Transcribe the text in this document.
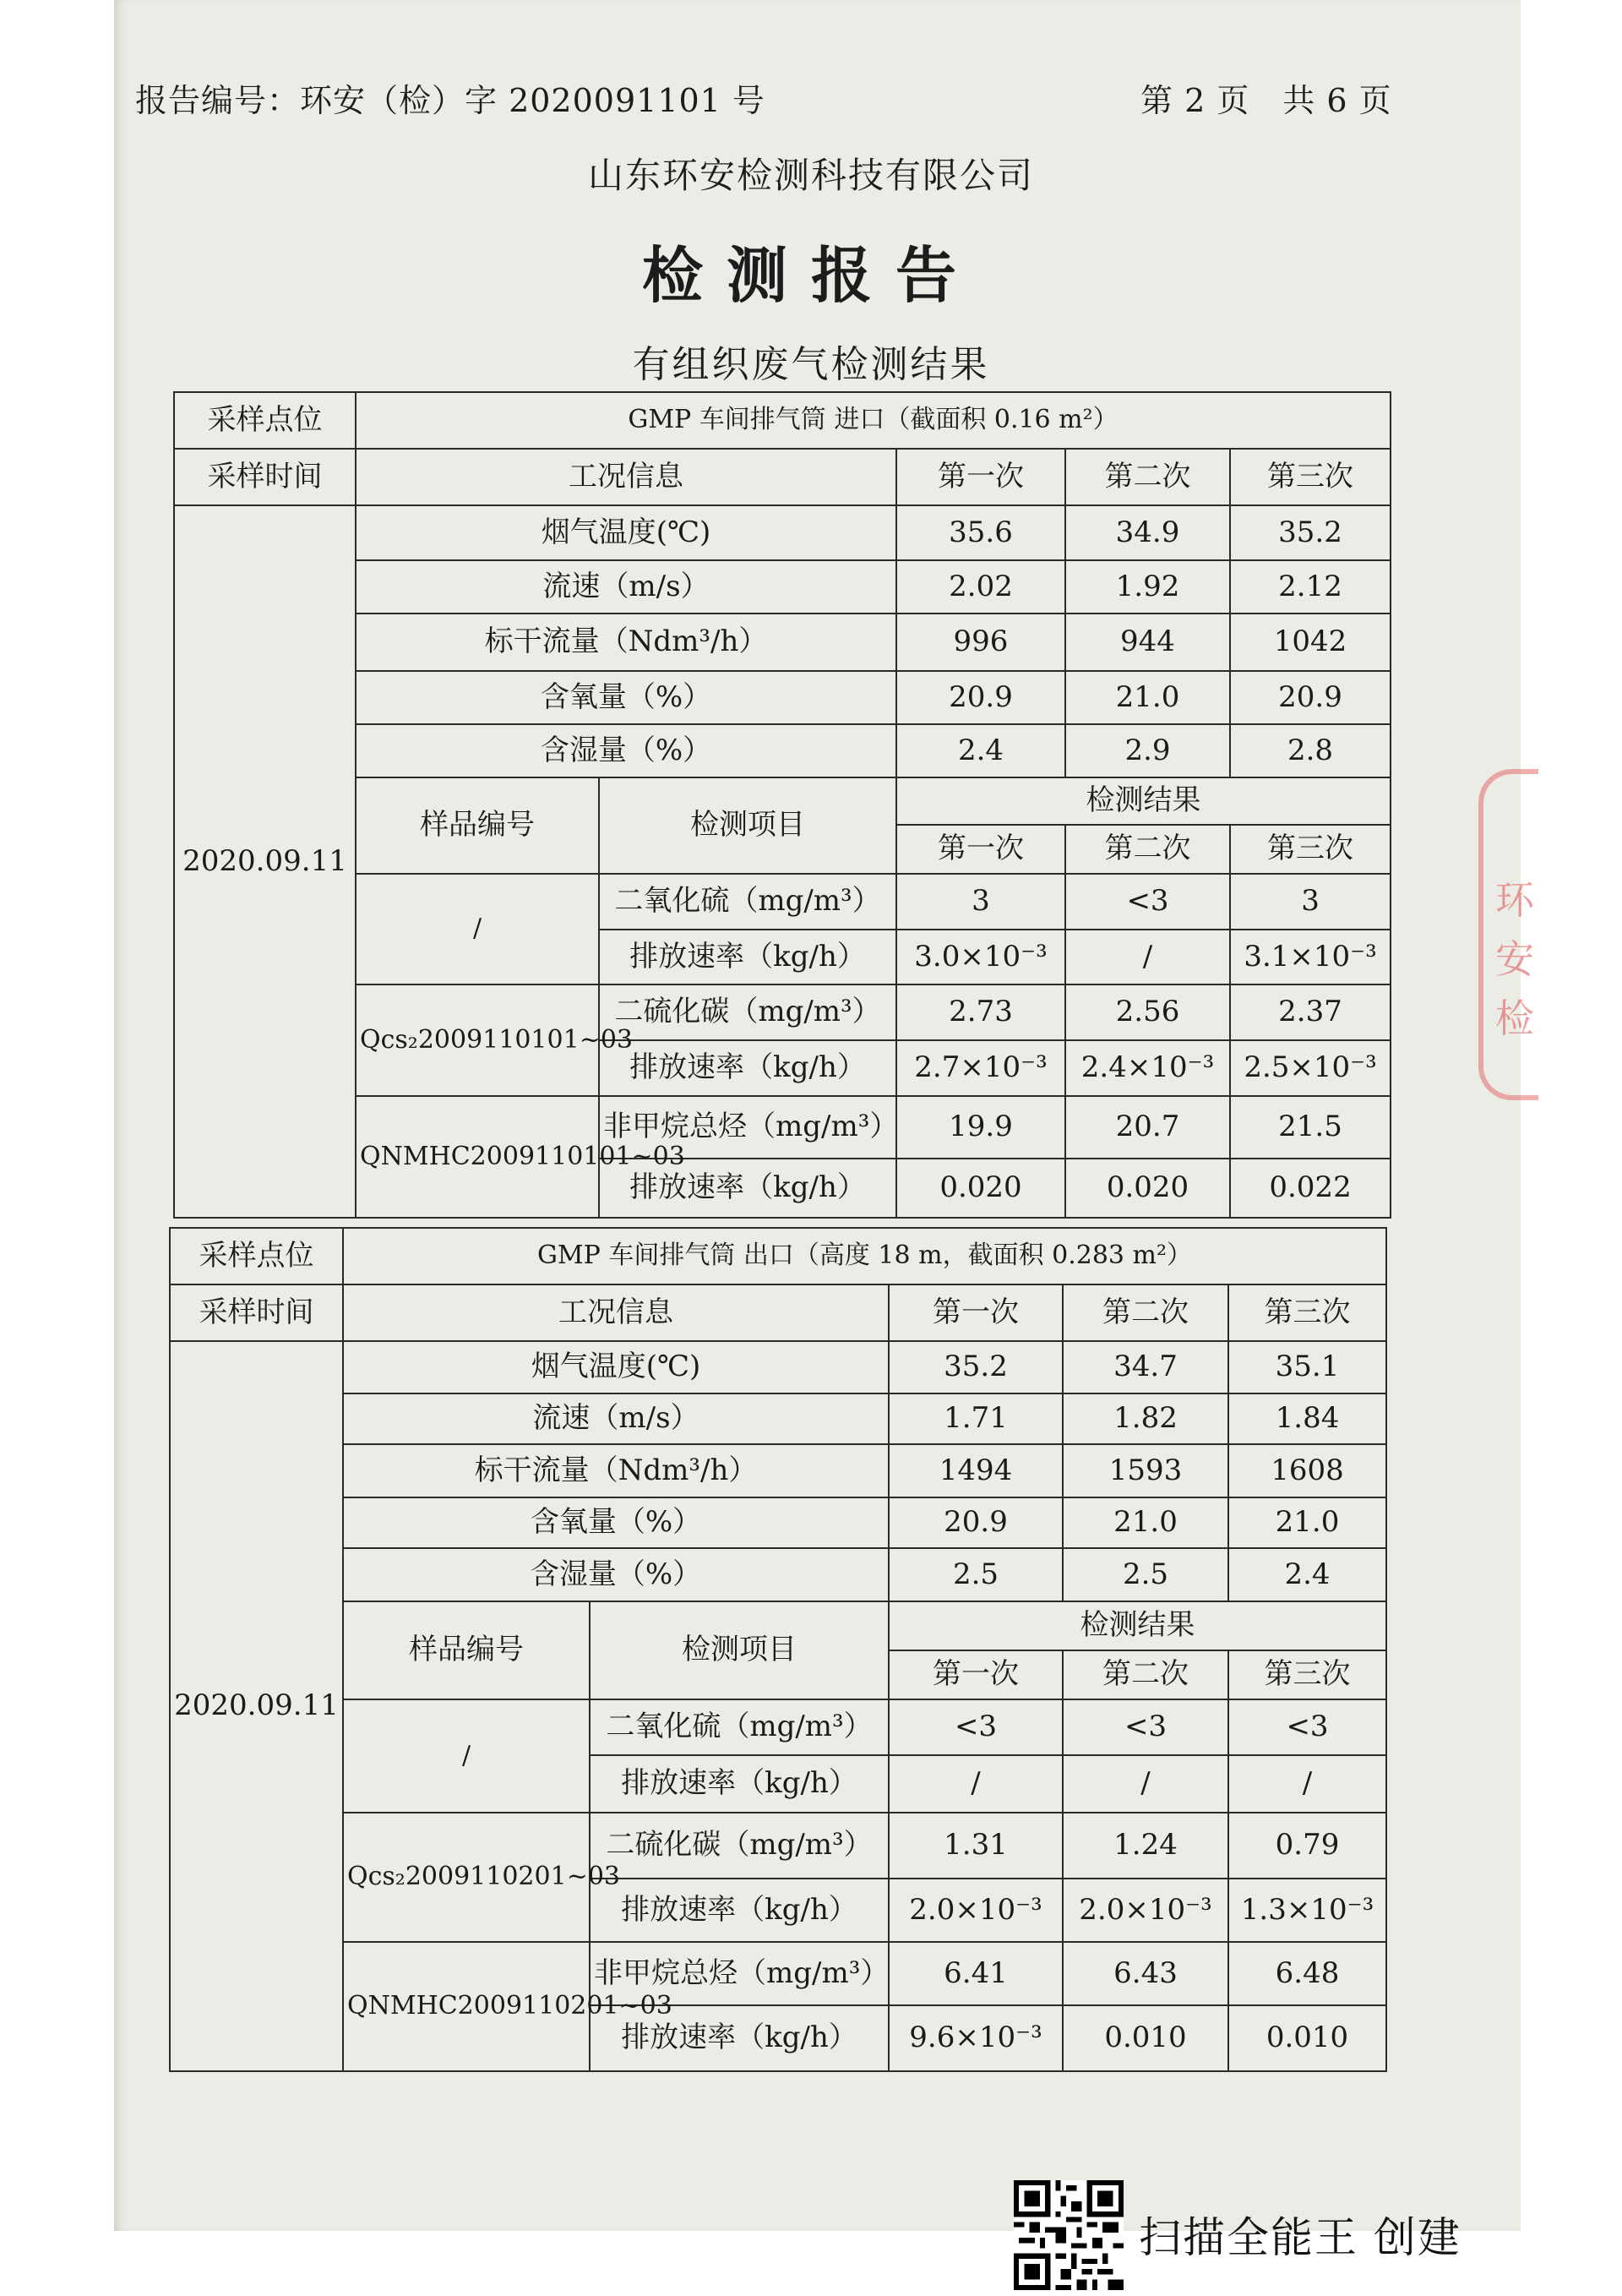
报告编号：环安（检）字 2020091101 号	第 2 页　共 6 页
山东环安检测科技有限公司
检测报告
有组织废气检测结果
采样点位	GMP 车间排气筒 进口（截面积 0.16 m²）				
采样时间	工况信息		第一次	第二次	第三次
2020.09.11	烟气温度(℃)		35.6	34.9	35.2
	流速（m/s）		2.02	1.92	2.12
	标干流量（Ndm³/h）		996	944	1042
	含氧量（%）		20.9	21.0	20.9
	含湿量（%）		2.4	2.9	2.8
	样品编号	检测项目	检测结果		
			第一次	第二次	第三次
	/	二氧化硫（mg/m³）	3	<3	3
		排放速率（kg/h）	3.0×10⁻³	/	3.1×10⁻³
	Qcs₂2009110101~03	二硫化碳（mg/m³）	2.73	2.56	2.37
		排放速率（kg/h）	2.7×10⁻³	2.4×10⁻³	2.5×10⁻³
	QNMHC2009110101~03	非甲烷总烃（mg/m³）	19.9	20.7	21.5
		排放速率（kg/h）	0.020	0.020	0.022
采样点位	GMP 车间排气筒 出口（高度 18 m，截面积 0.283 m²）				
采样时间	工况信息		第一次	第二次	第三次
2020.09.11	烟气温度(℃)		35.2	34.7	35.1
	流速（m/s）		1.71	1.82	1.84
	标干流量（Ndm³/h）		1494	1593	1608
	含氧量（%）		20.9	21.0	21.0
	含湿量（%）		2.5	2.5	2.4
	样品编号	检测项目	检测结果		
			第一次	第二次	第三次
	/	二氧化硫（mg/m³）	<3	<3	<3
		排放速率（kg/h）	/	/	/
	Qcs₂2009110201~03	二硫化碳（mg/m³）	1.31	1.24	0.79
		排放速率（kg/h）	2.0×10⁻³	2.0×10⁻³	1.3×10⁻³
	QNMHC2009110201~03	非甲烷总烃（mg/m³）	6.41	6.43	6.48
		排放速率（kg/h）	9.6×10⁻³	0.010	0.010
环安检
扫描全能王 创建
